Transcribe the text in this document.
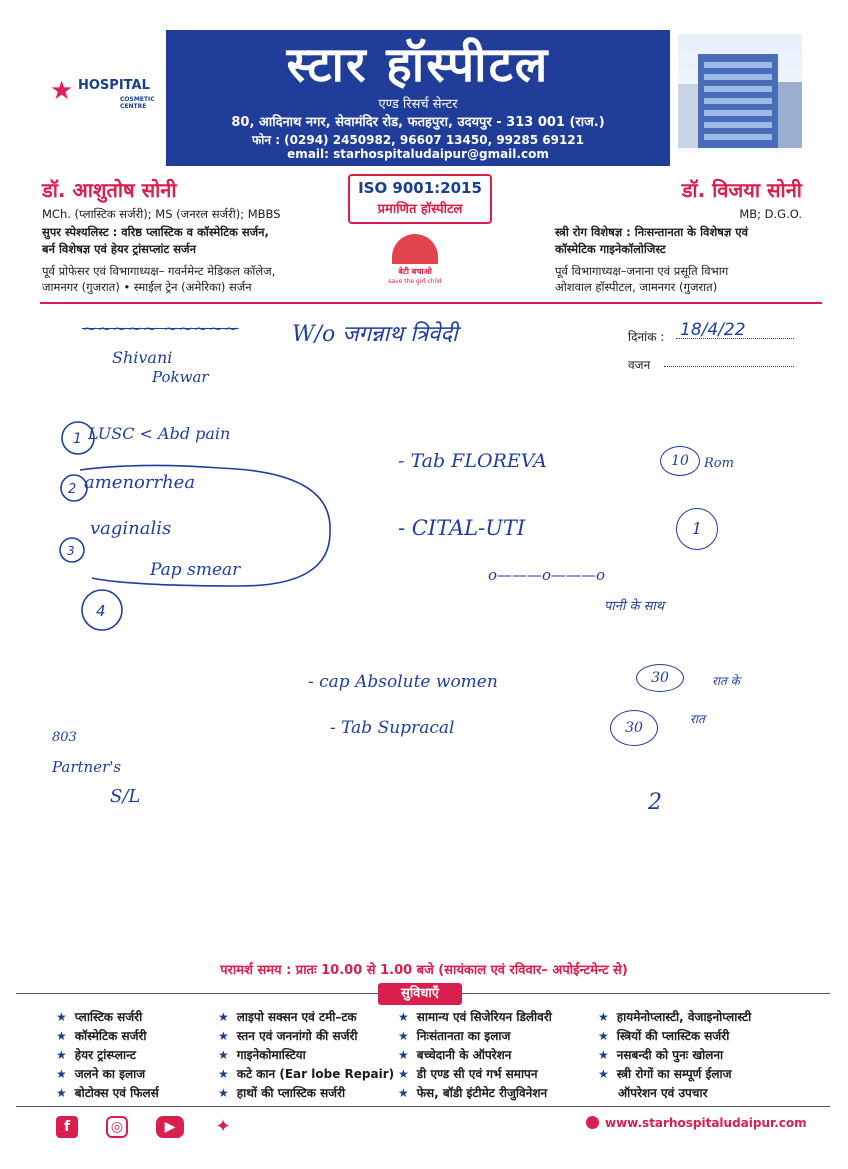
★ HOSPITAL
COSMETIC CENTRE
स्टार हॉस्पीटल
एण्ड रिसर्च सेन्टर
80, आदिनाथ नगर, सेवामंदिर रोड, फतहपुरा, उदयपुर - 313 001 (राज.)
फोन : (0294) 2450982, 96607 13450, 99285 69121
email: starhospitaludaipur@gmail.com
डॉ. आशुतोष सोनी
MCh. (प्लास्टिक सर्जरी); MS (जनरल सर्जरी); MBBS
सुपर स्पेश्यलिस्ट : वरिष्ठ प्लास्टिक व कॉस्मेटिक सर्जन,
बर्न विशेषज्ञ एवं हेयर ट्रांसप्लांट सर्जन
पूर्व प्रोफेसर एवं विभागाध्यक्ष– गवर्नमेन्ट मेडिकल कॉलेज,
जामनगर (गुजरात) • स्माईल ट्रेन (अमेरिका) सर्जन
ISO 9001:2015
प्रमाणित हॉस्पीटल
बेटी बचाओ
save the girl child
डॉ. विजया सोनी
MB; D.G.O.
स्त्री रोग विशेषज्ञ : निःसन्तानता के विशेषज्ञ एवं
कॉस्मेटिक गाइनेकॉलोजिस्ट
पूर्व विभागाध्यक्ष–जनाना एवं प्रसूति विभाग
ओशवाल हॉस्पीटल, जामनगर (गुजरात)
दिनांक : 18/4/22
वजन
~~~~~ ~~~~~ W/o जगन्नाथ त्रिवेदी
Shivani
Pokwar
1
2
3
4
LUSC < Abd pain
amenorrhea
vaginalis
Pap smear
- Tab FLOREVA	10	Rom
- CITAL-UTI	1
o———o———o
पानी के साथ
- cap Absolute women	30	रात के
- Tab Supracal	30
रात
803
Partner's
S/L	2
परामर्श समय : प्रातः 10.00 से 1.00 बजे (सायंकाल एवं रविवार– अपोईन्टमेन्ट से)
सुविधाएँ
★ प्लास्टिक सर्जरी
★ कॉस्मेटिक सर्जरी
★ हेयर ट्रांस्प्लान्ट
★ जलने का इलाज
★ बोटोक्स एवं फिलर्स
★ लाइपो सक्सन एवं टमी–टक
★ स्तन एवं जननांगो की सर्जरी
★ गाइनेकोमास्टिया
★ कटे कान (Ear lobe Repair)
★ हाथों की प्लास्टिक सर्जरी
★ सामान्य एवं सिजेरियन डिलीवरी
★ निःसंतानता का इलाज
★ बच्चेदानी के ऑपरेशन
★ डी एण्ड सी एवं गर्भ समापन
★ फेस, बॉडी इंटीमेट रीजुविनेशन
★ हायमेनोप्लास्टी, वेजाइनोप्लास्टी
★ स्त्रियों की प्लास्टिक सर्जरी
★ नसबन्दी को पुनः खोलना
★ स्त्री रोगों का सम्पूर्ण ईलाज
ऑपरेशन एवं उपचार
f	◎	▶	✦	www.starhospitaludaipur.com
